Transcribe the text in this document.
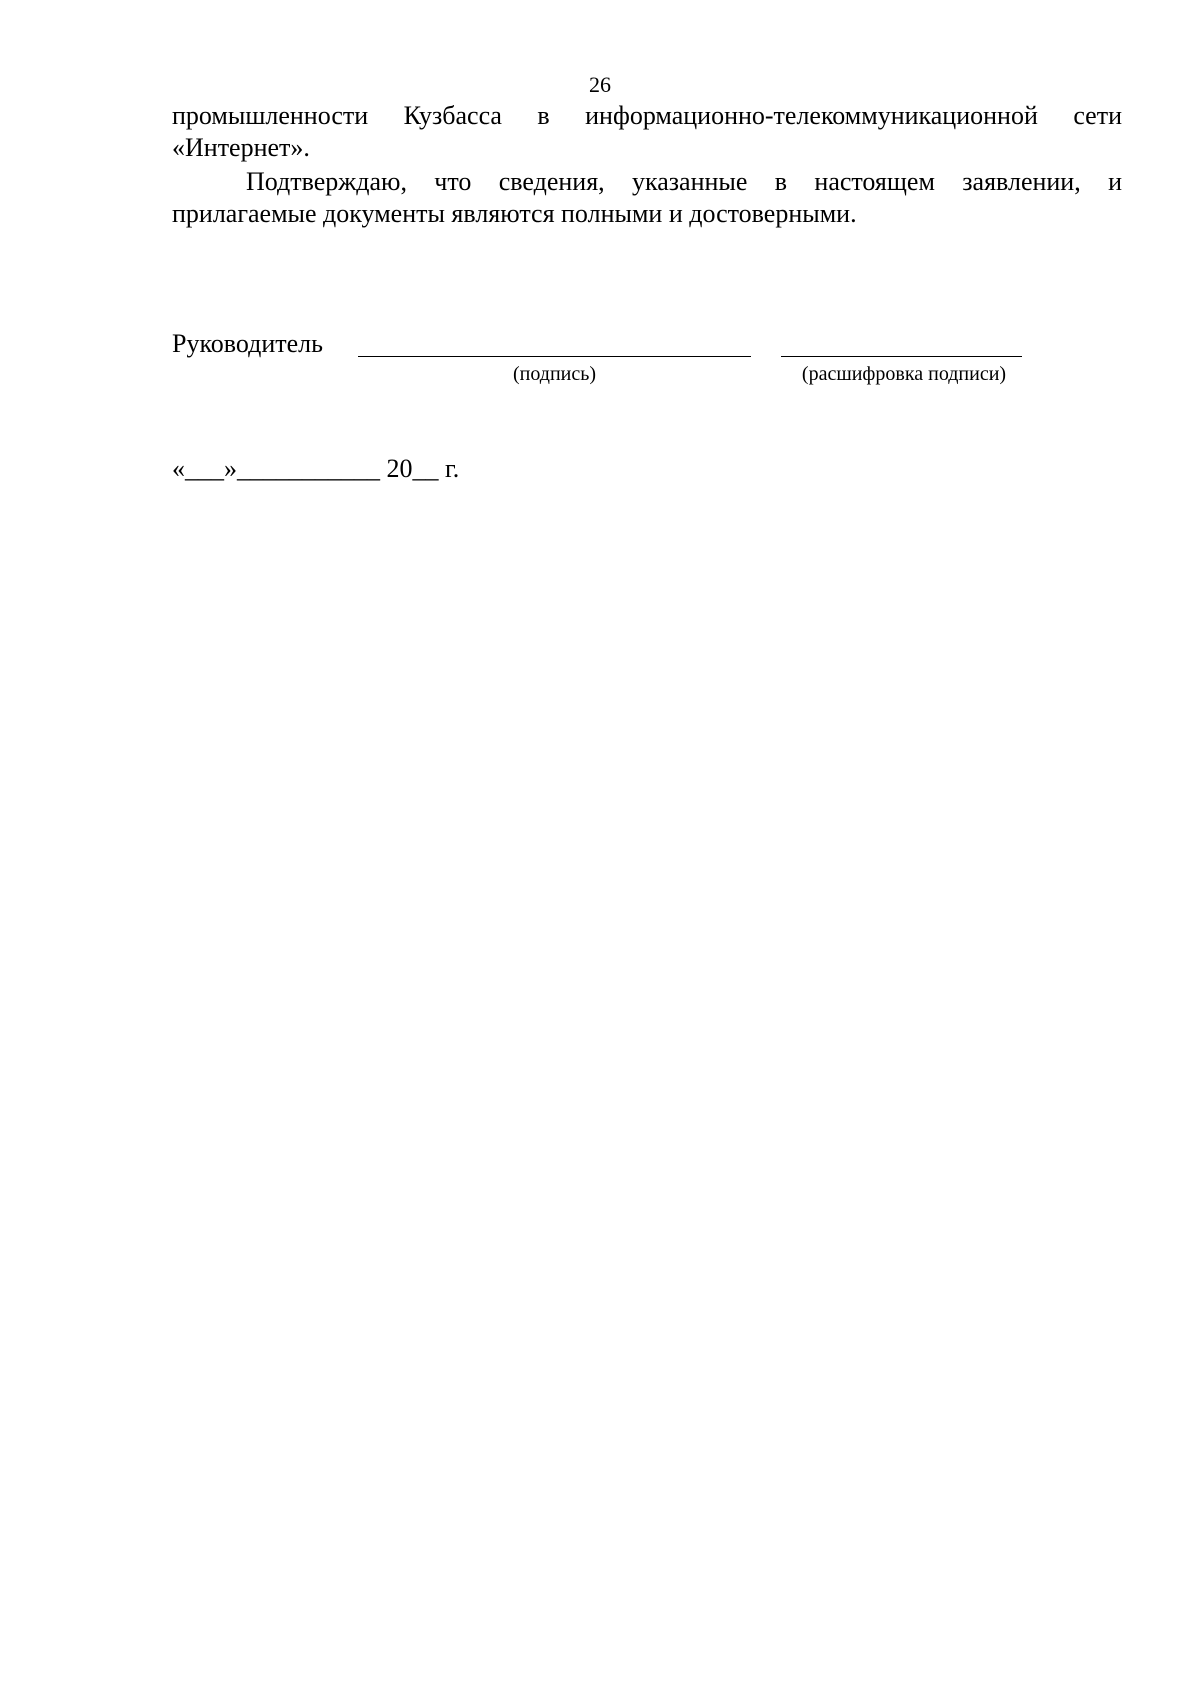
26

промышленности Кузбасса в информационно-телекоммуникационной сети «Интернет».

Подтверждаю, что сведения, указанные в настоящем заявлении, и прилагаемые документы являются полными и достоверными.

Руководитель
(подпись)	(расшифровка подписи)
«___»___________ 20__ г.
